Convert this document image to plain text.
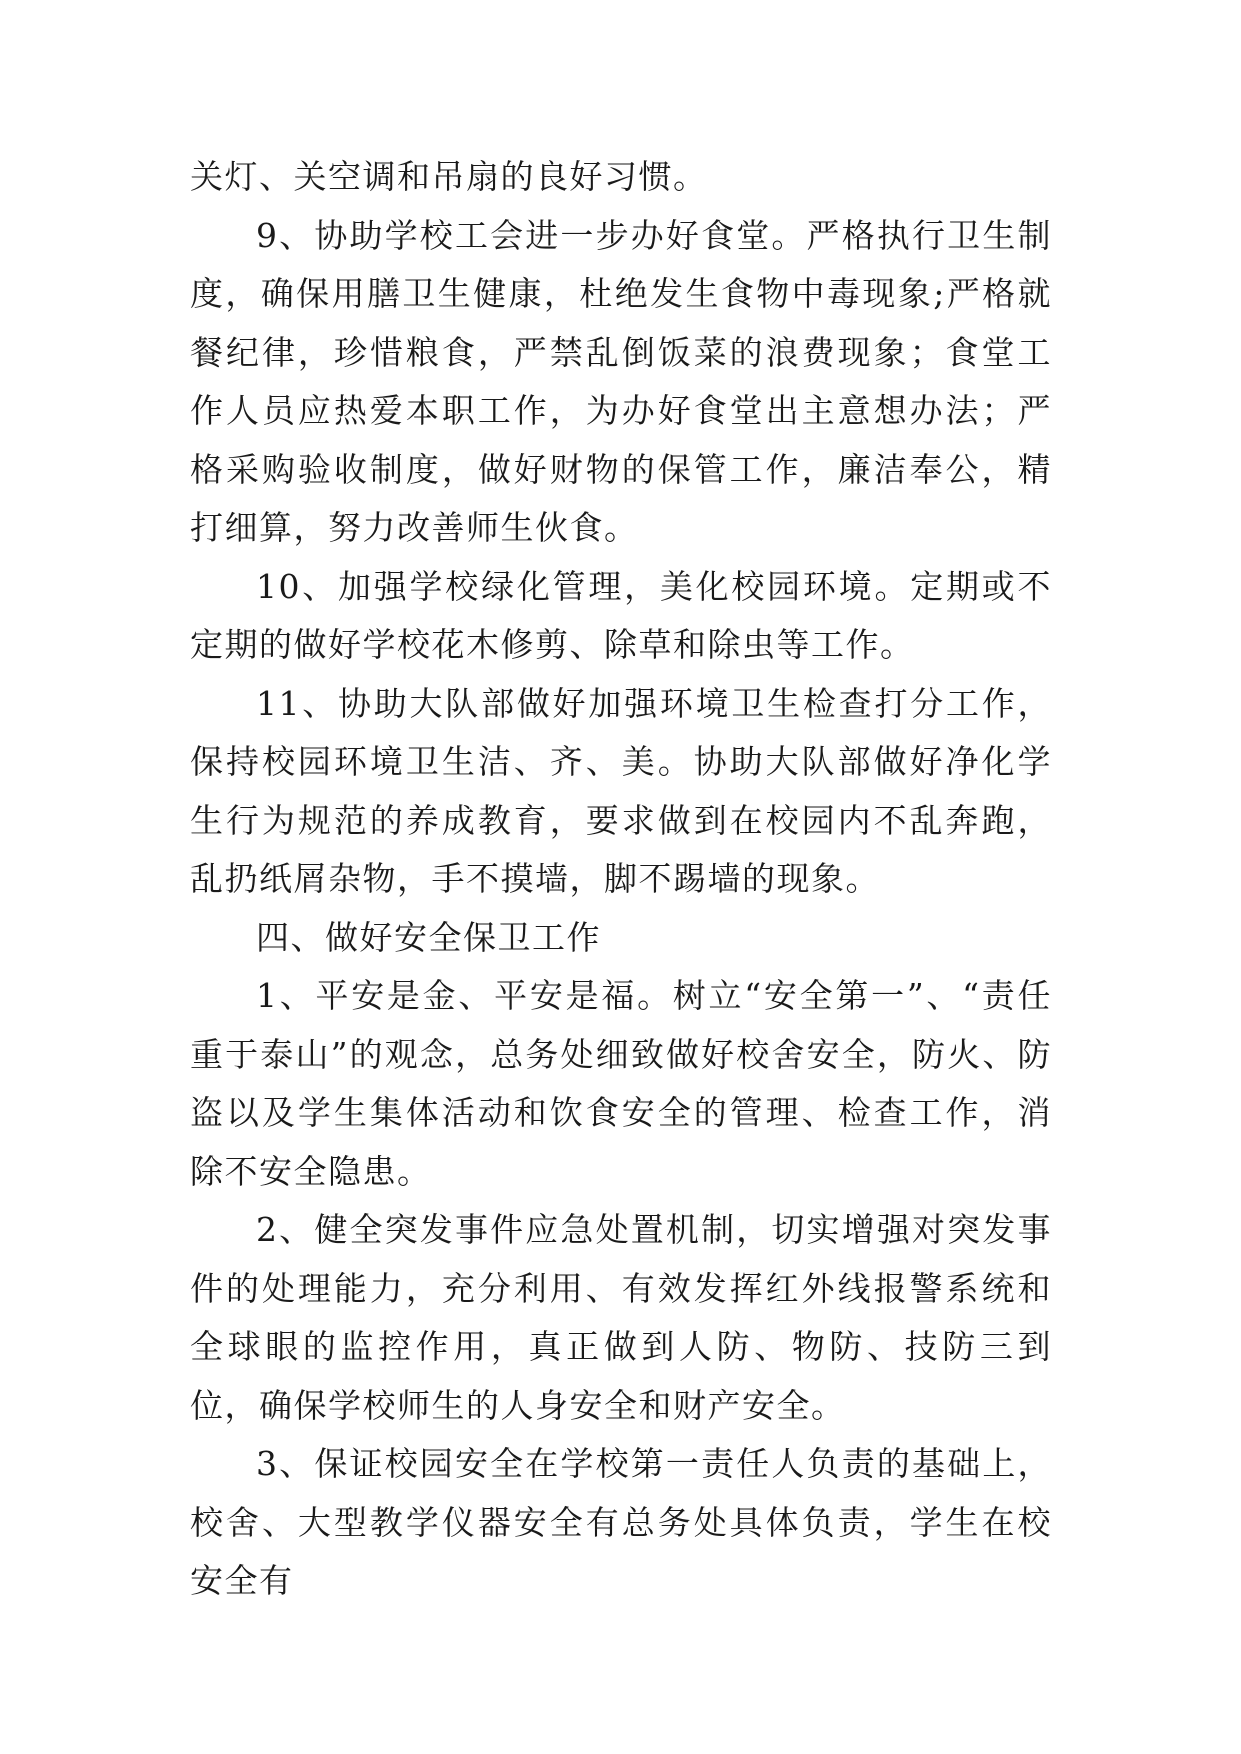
关灯、关空调和吊扇的良好习惯。

9、协助学校工会进一步办好食堂。严格执行卫生制度，确保用膳卫生健康，杜绝发生食物中毒现象;严格就餐纪律，珍惜粮食，严禁乱倒饭菜的浪费现象；食堂工作人员应热爱本职工作，为办好食堂出主意想办法；严格采购验收制度，做好财物的保管工作，廉洁奉公，精打细算，努力改善师生伙食。

10、加强学校绿化管理，美化校园环境。定期或不定期的做好学校花木修剪、除草和除虫等工作。

11、协助大队部做好加强环境卫生检查打分工作，保持校园环境卫生洁、齐、美。协助大队部做好净化学生行为规范的养成教育，要求做到在校园内不乱奔跑，乱扔纸屑杂物，手不摸墙，脚不踢墙的现象。

四、做好安全保卫工作

1、平安是金、平安是福。树立“安全第一”、“责任重于泰山”的观念，总务处细致做好校舍安全，防火、防盗以及学生集体活动和饮食安全的管理、检查工作，消除不安全隐患。

2、健全突发事件应急处置机制，切实增强对突发事件的处理能力，充分利用、有效发挥红外线报警系统和全球眼的监控作用，真正做到人防、物防、技防三到位，确保学校师生的人身安全和财产安全。

3、保证校园安全在学校第一责任人负责的基础上，校舍、大型教学仪器安全有总务处具体负责，学生在校安全有
